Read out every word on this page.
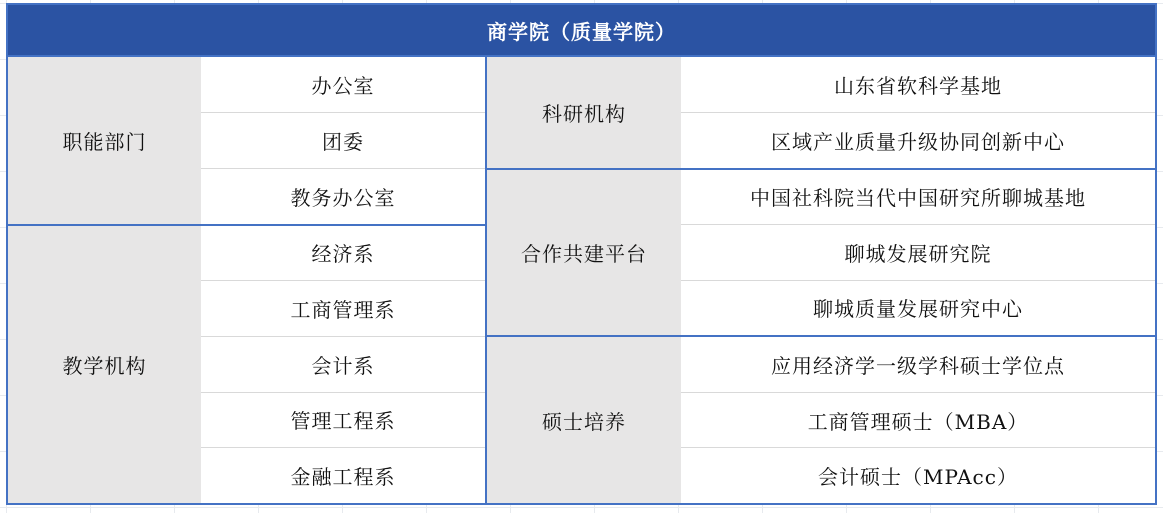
商学院（质量学院）
职能部门
办公室
团委
教务办公室
教学机构
经济系
工商管理系
会计系
管理工程系
金融工程系
科研机构
山东省软科学基地
区域产业质量升级协同创新中心
合作共建平台
中国社科院当代中国研究所聊城基地
聊城发展研究院
聊城质量发展研究中心
硕士培养
应用经济学一级学科硕士学位点
工商管理硕士（MBA）
会计硕士（MPAcc）
